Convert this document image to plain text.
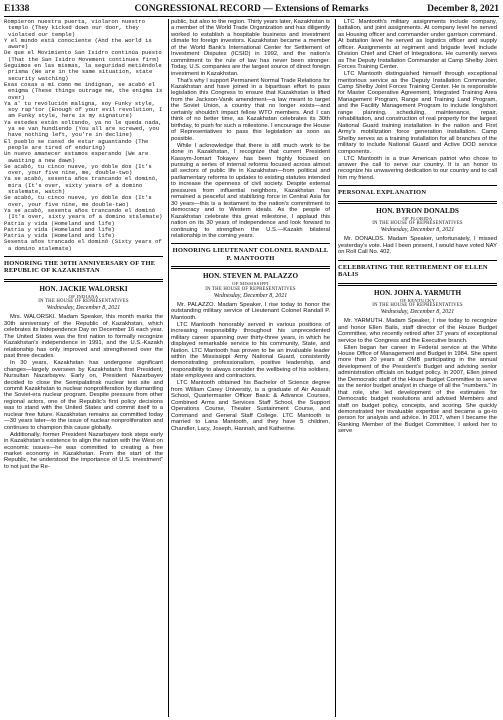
E1338	CONGRESSIONAL RECORD — Extensions of Remarks	December 8, 2021

Rompieron nuestra puerta, violaron nuestro templo (They kicked down our door, they violated our temple)

Y el mundo está conociente (And the world is aware)

De que el Movimiento San Isidro continúa puesto (That the San Isidro Movement continues firm)

Seguimos en las mismas, la seguridad metiéndole prisma (We are in the same situation, state security watching)

Esas cosas a mí como me indignan, se acabó el enigma (These things outrage me, the enigma is over)

Ya a' tu revolución maligna, soy Funky style, soy rap'tor (Enough of your evil revolution, I am Funky style, here is my signature)

Ya estedes están soltando, ya no le queda nada, ya se van hundiendo (You all are screwed, you have nothing left, you're in decline)

El pueblo se cansó de estar aguantando (The people are tired of enduring)

Un nuevo amanecer estamos esperando (We are awaiting a new dawn)

Se acabó, tu cinco nueve, yo doble dos (It's over, your five nine, me, double-two)

Ya se acabó, sesenta años trancando el dominó, mira (It's over, sixty years of a domino stalemate, watch)

Se acabó, tu cinco nueve, yo doble dos (It's over, your five nine, me double-two)

Ya se acabó, sesenta años trancando el dominó (It's over, sixty years of a domino stalemate)

Patria y vida (Homeland and life)

Patria y vida (Homeland and life)

Patria y vida (Homeland and life)

Sesenta años trancado el dominó (Sixty years of a domino stalemate)

HONORING THE 30TH ANNIVERSARY OF THE REPUBLIC OF KAZAKHSTAN
HON. JACKIE WALORSKI
OF INDIANA
IN THE HOUSE OF REPRESENTATIVES
Wednesday, December 8, 2021

Mrs. WALORSKI. Madam Speaker, this month marks the 30th anniversary of the Republic of Kazakhstan, which celebrates its Independence Day on December 16 each year. The United States was the first nation to formally recognize Kazakhstan's independence in 1991, and the U.S.-Kazakh relationship has only improved and strengthened over the past three decades.

In 30 years, Kazakhstan has undergone significant changes—largely overseen by Kazakhstan's first President, Nursultan Nazarbayev. Early on, President Nazarbayev decided to close the Semipalatinsk nuclear test site and commit Kazakhstan to nuclear nonproliferation by dismantling the Soviet-era nuclear program. Despite pressure from other regional actors, one of the Republic's first policy decisions was to stand with the United States and commit itself to a nuclear free future. Kazakhstan remains as committed today—30 years later—to the issue of nuclear nonproliferation and continues to champion this cause globally.

Additionally, former President Nazarbayev took steps early in Kazakhstan's existence to align the nation with the West on economic issues—he was committed to creating a free market economy in Kazakhstan. From the start of the Republic, he understood the importance of U.S. investment" to not just the Re-

public, but also to the region. Thirty years later, Kazakhstan is a member of the World Trade Organization and has diligently worked to establish a hospitable business and investment climate for foreign investors. Kazakhstan became a member of the World Bank's International Center for Settlement of Investment Disputes (ICSID) in 1992, and the nation's commitment to the rule of law has never been stronger. Today, U.S. companies are the largest source of direct foreign investment in Kazakhstan.

That's why I support Permanent Normal Trade Relations for Kazakhstan and have joined in a bipartisan effort to pass legislation this Congress to ensure that Kazakhstan is lifted from the Jackson-Vanik amendment—a law meant to target the Soviet Union, a country that no longer exists—and certainly shouldn't impact fellow WTO members. And I can think of no better time, as Kazakhstan celebrates its 30th birthday, to push for such a milestone. I encourage the House of Representatives to pass this legislation as soon as possible.

While I acknowledge that there is still much work to be done in Kazakhstan, I recognize that current President Kassym-Jomart Tokayev has been highly focused on pursuing a series of internal reforms focused across almost all sectors of public life in Kazakhstan—from political and parliamentary reforms to updates to existing statutes intended to increase the openness of civil society. Despite external pressures from influential neighbors, Kazakhstan has remained a peaceful and stabilizing force in Central Asia for 30 years—this is a testament to the nation's commitment to democracy and to Western ideals. As the people of Kazakhstan celebrate this great milestone, I applaud this nation on its 30 years of independence and look forward to continuing to strengthen the U.S.—Kazakh bilateral relationship in the coming years.

HONORING LIEUTENANT COLONEL RANDALL P. MANTOOTH
HON. STEVEN M. PALAZZO
OF MISSISSIPPI
IN THE HOUSE OF REPRESENTATIVES
Wednesday, December 8, 2021

Mr. PALAZZO. Madam Speaker, I rise today to honor the outstanding military service of Lieutenant Colonel Randall P. Mantooth.

LTC Mantooth honorably served in various positions of increasing responsibility throughout his unprecedented military career spanning over thirty-three years, in which he displayed remarkable service to his community, State, and Nation. LTC Mantooth has proven to be an invaluable leader within the Mississippi Army National Guard, consistently demonstrating professionalism, positive leadership, and responsibility to always consider the wellbeing of his soldiers, state employees and contractors.

LTC Mantooth obtained his Bachelor of Science degree from William Carey University, is a graduate of Air Assault School, Quartermaster Officer Basic & Advance Courses, Combined Arms and Services Staff School, the Support Operations Course, Theater Sustainment Course, and Command and General Staff College. LTC Mantooth is married to Lana Mantooth, and they have 5 children, Chandler, Lacy, Joseph, Hannah, and Katherine.

LTC Mantooth's military assignments include company, battalion, and joint assignments. At company level he served as Housing officer and commander under garrison command. At battalion level he served as logistics officer and supply officer. Assignments at regiment and brigade level include Division Chief and Chief of Integrations. He currently serves as The Deputy Installation Commander at Camp Shelby Joint Forces Training Center.

LTC Mantooth distinguished himself through exceptional meritorious service as the Deputy Installation Commander, Camp Shelby Joint Forces Training Center. He is responsible for Master Cooperative Agreement, Integrated Training Area Management Program, Range and Training Land Program, and the Facility Management Program to include long/short range planning, scheduling, maintenance, repair, rehabilitation, and construction of real property for the largest National Guard training installation in the nation and First Army's mobilization force generation installation. Camp Shelby serves as a training installation for all branches of the military to include National Guard and Active DOD service components.

LTC Mantooth is a true American patriot who chose to answer the call to serve our country. It is an honor to recognize his unwavering dedication to our country and to call him my friend.

PERSONAL EXPLANATION
HON. BYRON DONALDS
OF FLORIDA
IN THE HOUSE OF REPRESENTATIVES
Wednesday, December 8, 2021

Mr. DONALDS. Madam Speaker, unfortunately, I missed yesterday's vote. Had I been present, I would have voted NAY on Roll Call No. 402.

CELEBRATING THE RETIREMENT OF ELLEN BALIS
HON. JOHN A. YARMUTH
OF KENTUCKY
IN THE HOUSE OF REPRESENTATIVES
Wednesday, December 8, 2021

Mr. YARMUTH. Madam Speaker, I rise today to recognize and honor Ellen Balis, staff director of the House Budget Committee, who recently retired after 37 years of exceptional service to the Congress and the Executive branch.

Ellen began her career in Federal service at the White House Office of Management and Budget in 1984. She spent more than 20 years at OMB participating in the annual development of the President's Budget and advising senior administration officials on budget policy. In 2007, Ellen joined the Democratic staff of the House Budget Committee to serve as the senior budget analyst in charge of all the "numbers." In that role, she led development of the estimates for Democratic budget resolutions and advised Members and staff on budget policy, concepts, and scoring. She quickly demonstrated her invaluable expertise and became a go-to person for analysis and advice. In 2017, when I became the Ranking Member of the Budget Committee, I asked her to serve
